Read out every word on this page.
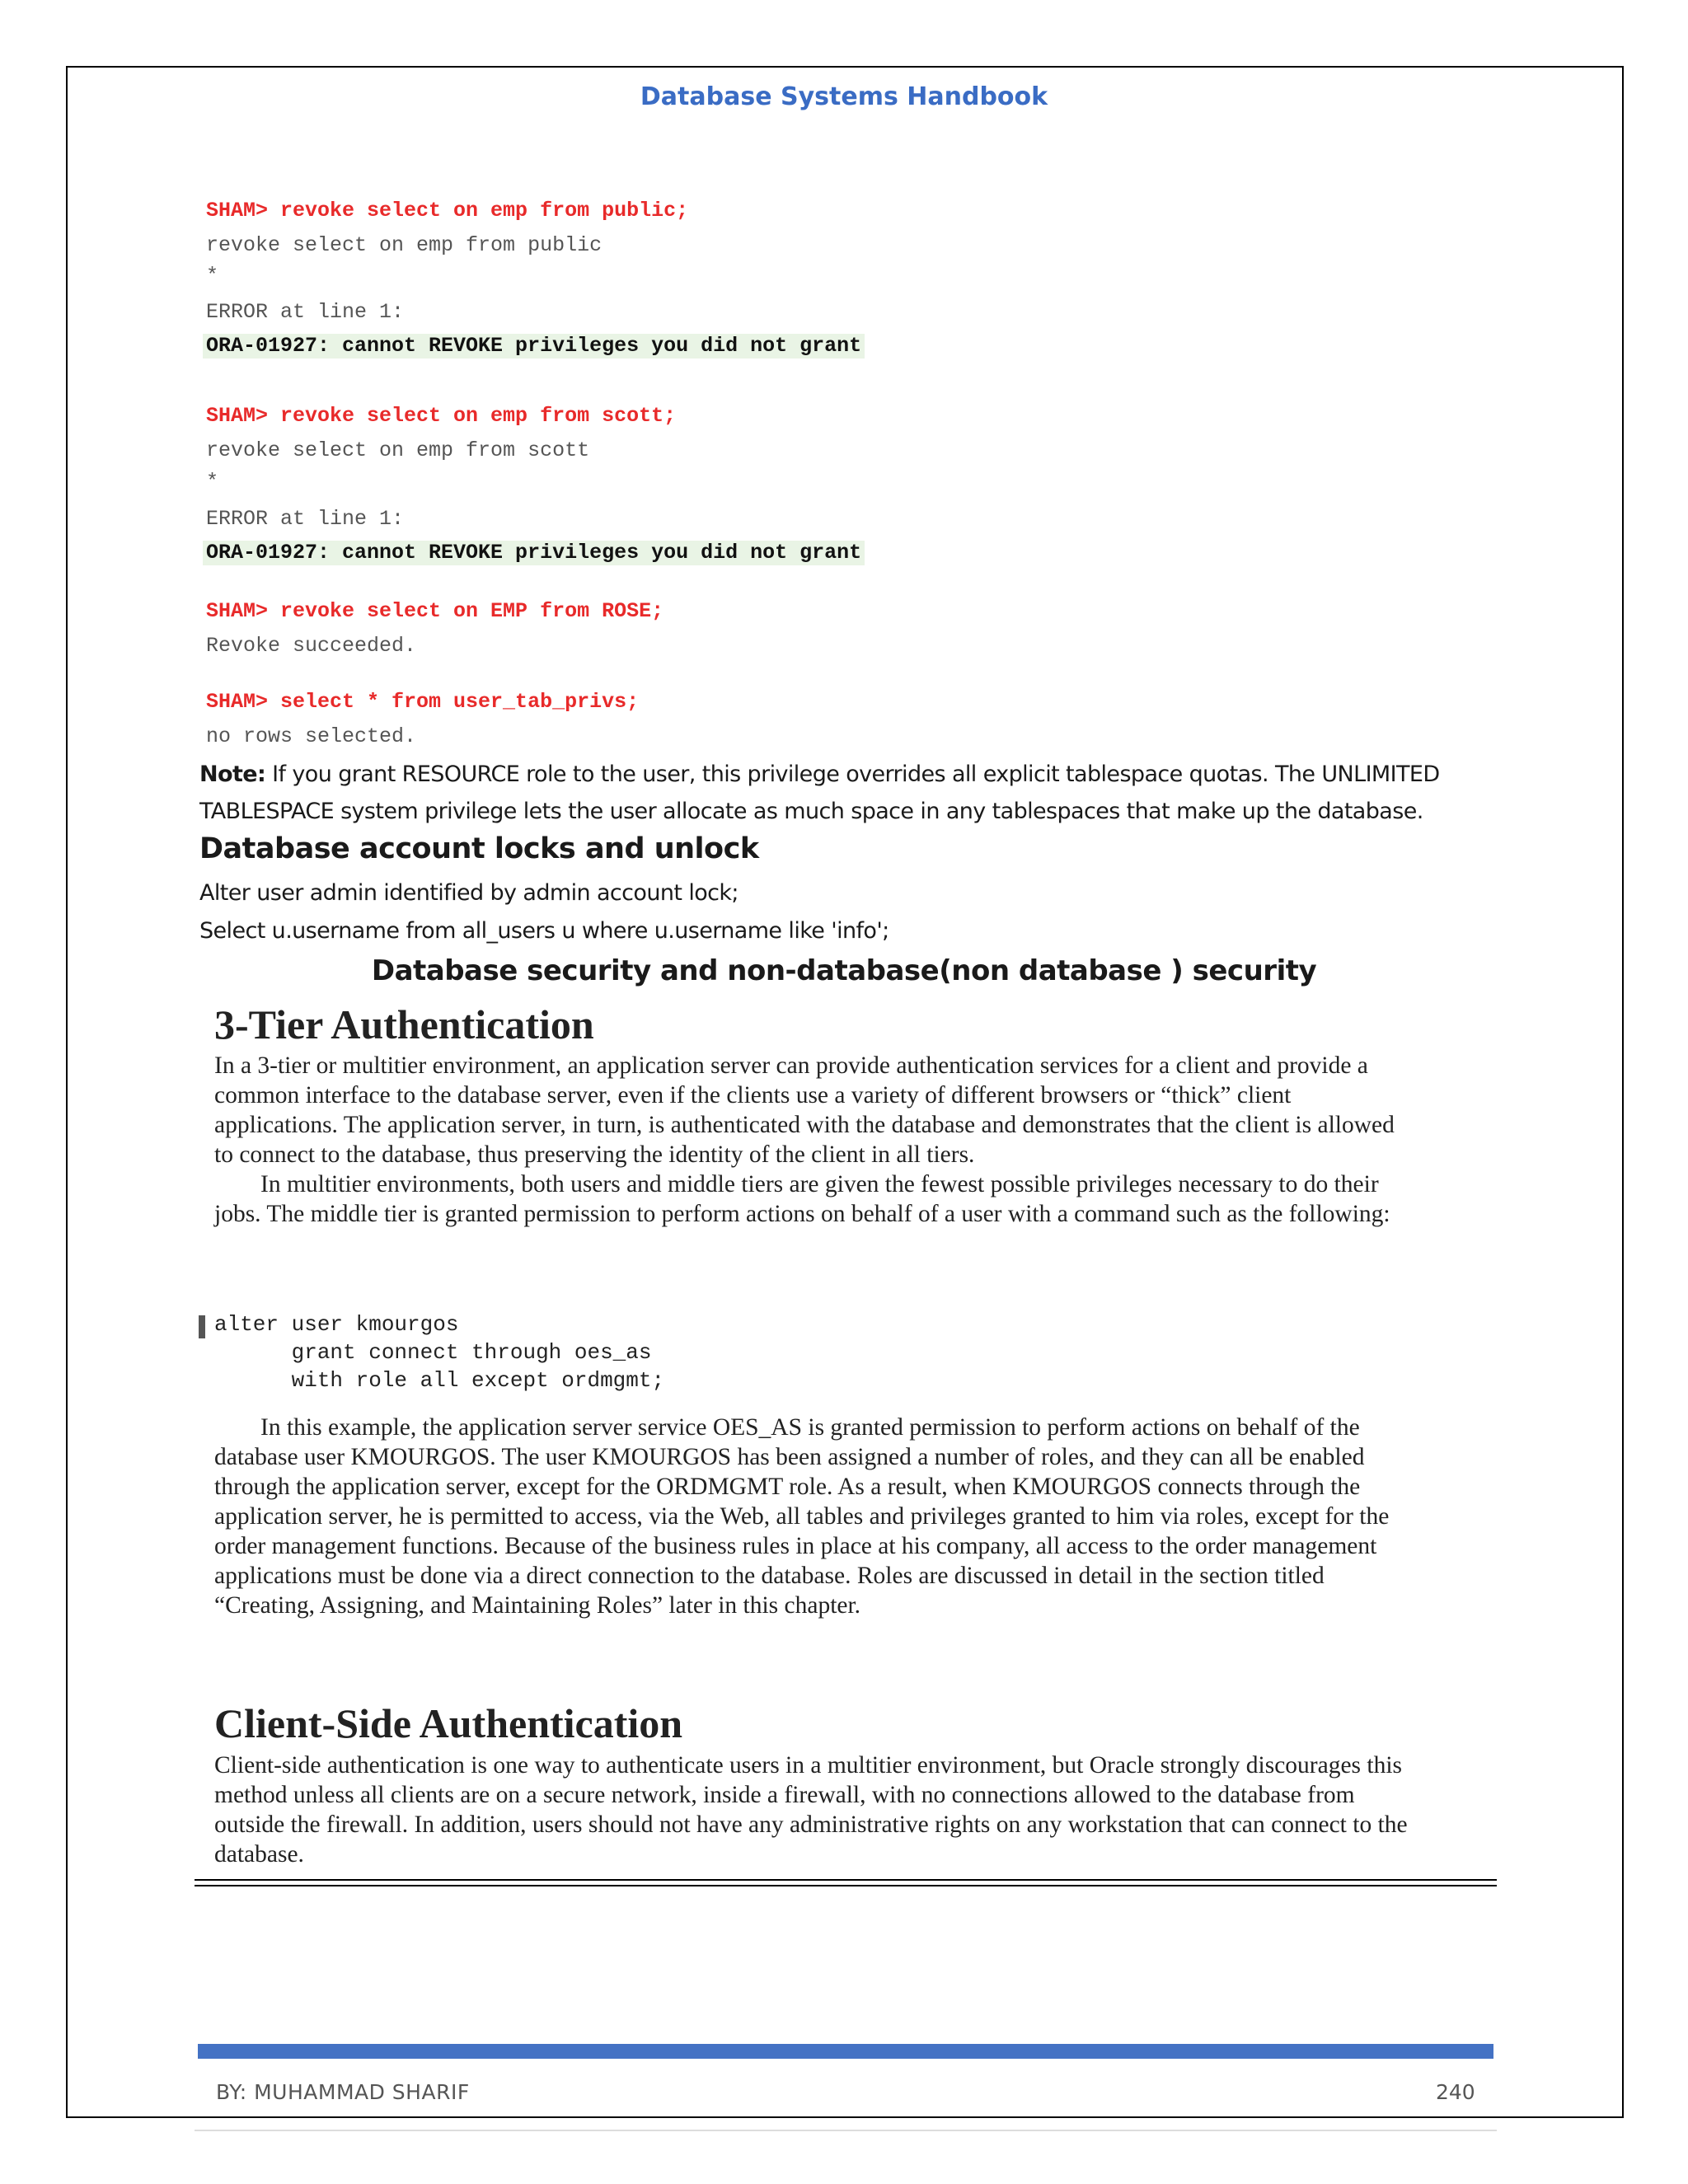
Database Systems Handbook
SHAM> revoke select on emp from public;
revoke select on emp from public
*
ERROR at line 1:
ORA-01927: cannot REVOKE privileges you did not grant
SHAM> revoke select on emp from scott;
revoke select on emp from scott
*
ERROR at line 1:
ORA-01927: cannot REVOKE privileges you did not grant
SHAM> revoke select on EMP from ROSE;
Revoke succeeded.
SHAM> select * from user_tab_privs;
no rows selected.
Note: If you grant RESOURCE role to the user, this privilege overrides all explicit tablespace quotas. The UNLIMITED TABLESPACE system privilege lets the user allocate as much space in any tablespaces that make up the database.
Database account locks and unlock
Alter user admin identified by admin account lock;
Select u.username from all_users u where u.username like 'info';
Database security and non-database(non database ) security
3-Tier Authentication

In a 3-tier or multitier environment, an application server can provide authentication services for a client and provide a common interface to the database server, even if the clients use a variety of different browsers or “thick” client applications. The application server, in turn, is authenticated with the database and demonstrates that the client is allowed to connect to the database, thus preserving the identity of the client in all tiers.

In multitier environments, both users and middle tiers are given the fewest possible privileges necessary to do their jobs. The middle tier is granted permission to perform actions on behalf of a user with a command such as the following:

alter user kmourgos
grant connect through oes_as
with role all except ordmgmt;
In this example, the application server service OES_AS is granted permission to perform actions on behalf of the database user KMOURGOS. The user KMOURGOS has been assigned a number of roles, and they can all be enabled through the application server, except for the ORDMGMT role. As a result, when KMOURGOS connects through the application server, he is permitted to access, via the Web, all tables and privileges granted to him via roles, except for the order management functions. Because of the business rules in place at his company, all access to the order management applications must be done via a direct connection to the database. Roles are discussed in detail in the section titled “Creating, Assigning, and Maintaining Roles” later in this chapter.
Client-Side Authentication
Client-side authentication is one way to authenticate users in a multitier environment, but Oracle strongly discourages this method unless all clients are on a secure network, inside a firewall, with no connections allowed to the database from outside the firewall. In addition, users should not have any administrative rights on any workstation that can connect to the database.
BY: MUHAMMAD SHARIF	240
